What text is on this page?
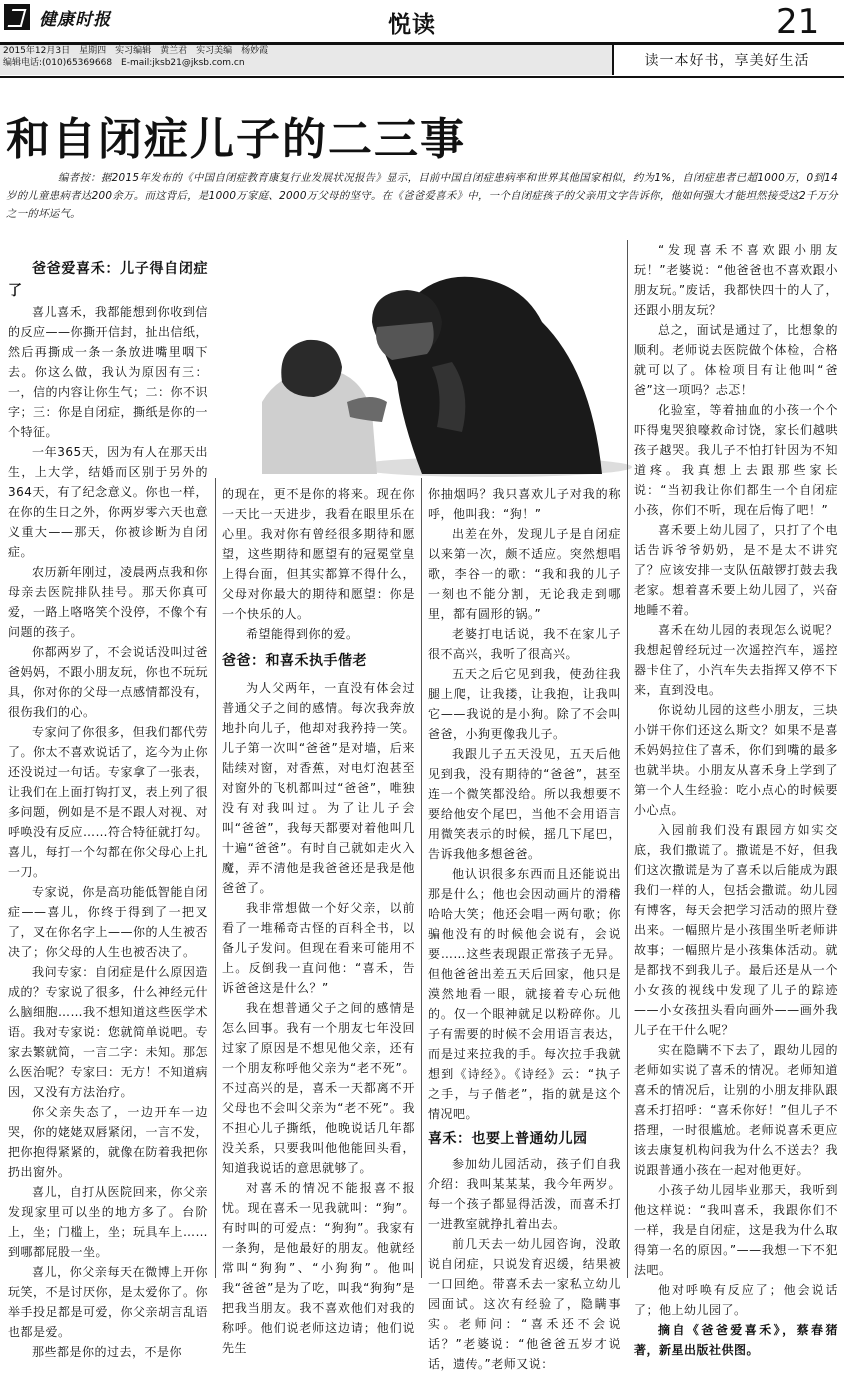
健康时报	悦读	21
2015年12月3日　星期四　实习编辑　黄兰君　实习美编　杨妙霞
编辑电话:(010)65369668　E-mail:jksb21@jksb.com.cn	读一本好书，享美好生活
和自闭症儿子的二三事
编者按：据2015年发布的《中国自闭症教育康复行业发展状况报告》显示，目前中国自闭症患病率和世界其他国家相似，约为1%，自闭症患者已超1000万，0到14岁的儿童患病者达200余万。而这背后，是1000万家庭、2000万父母的坚守。在《爸爸爱喜禾》中，一个自闭症孩子的父亲用文字告诉你，他如何强大才能坦然接受这2千万分之一的坏运气。
爸爸爱喜禾：儿子得自闭症了

喜儿喜禾，我都能想到你收到信的反应——你撕开信封，扯出信纸，然后再撕成一条一条放进嘴里咽下去。你这么做，我认为原因有三：一，信的内容让你生气；二：你不识字；三：你是自闭症，撕纸是你的一个特征。

一年365天，因为有人在那天出生，上大学，结婚而区别于另外的364天，有了纪念意义。你也一样，在你的生日之外，你两岁零六天也意义重大——那天，你被诊断为自闭症。

农历新年刚过，凌晨两点我和你母亲去医院排队挂号。那天你真可爱，一路上咯咯笑个没停，不像个有问题的孩子。

你都两岁了，不会说话没叫过爸爸妈妈，不跟小朋友玩，你也不玩玩具，你对你的父母一点感情都没有，很伤我们的心。

专家问了你很多，但我们都代劳了。你太不喜欢说话了，迄今为止你还没说过一句话。专家拿了一张表，让我们在上面打钩打叉，表上列了很多问题，例如是不是不跟人对视、对呼唤没有反应……符合特征就打勾。喜儿，每打一个勾都在你父母心上扎一刀。

专家说，你是高功能低智能自闭症——喜儿，你终于得到了一把叉了，叉在你名字上——你的人生被否决了；你父母的人生也被否决了。

我问专家：自闭症是什么原因造成的？专家说了很多，什么神经元什么脑细胞……我不想知道这些医学术语。我对专家说：您就简单说吧。专家去繁就简，一言二字：未知。那怎么医治呢？专家曰：无方！不知道病因，又没有方法治疗。

你父亲失态了，一边开车一边哭，你的姥姥双唇紧闭，一言不发，把你抱得紧紧的，就像在防着我把你扔出窗外。

喜儿，自打从医院回来，你父亲发现家里可以坐的地方多了。台阶上，坐；门槛上，坐；玩具车上……到哪都屁股一坐。

喜儿，你父亲每天在微博上开你玩笑，不是讨厌你，是太爱你了。你举手投足都是可爱，你父亲胡言乱语也都是爱。

那些都是你的过去，不是你

的现在，更不是你的将来。现在你一天比一天进步，我看在眼里乐在心里。我对你有曾经很多期待和愿望，这些期待和愿望有的冠冕堂皇上得台面，但其实都算不得什么，父母对你最大的期待和愿望：你是一个快乐的人。

希望能得到你的爱。

爸爸：和喜禾执手偕老

为人父两年，一直没有体会过普通父子之间的感情。每次我奔放地扑向儿子，他却对我矜持一笑。儿子第一次叫“爸爸”是对墙，后来陆续对窗，对香蕉，对电灯泡甚至对窗外的飞机都叫过“爸爸”，唯独没有对我叫过。为了让儿子会叫“爸爸”，我每天都要对着他叫几十遍“爸爸”。有时自己就如走火入魔，弄不清他是我爸爸还是我是他爸爸了。

我非常想做一个好父亲，以前看了一堆稀奇古怪的百科全书，以备儿子发问。但现在看来可能用不上。反倒我一直问他：“喜禾，告诉爸爸这是什么？”

我在想普通父子之间的感情是怎么回事。我有一个朋友七年没回过家了原因是不想见他父亲，还有一个朋友称呼他父亲为“老不死”。不过高兴的是，喜禾一天都离不开父母也不会叫父亲为“老不死”。我不担心儿子撕纸，他晚说话几年都没关系，只要我叫他他能回头看，知道我说话的意思就够了。

对喜禾的情况不能报喜不报忧。现在喜禾一见我就叫：“狗”。有时叫的可爱点：“狗狗”。我家有一条狗，是他最好的朋友。他就经常叫“狗狗”、“小狗狗”。他叫我“爸爸”是为了吃，叫我“狗狗”是把我当朋友。我不喜欢他们对我的称呼。他们说老师这边请；他们说先生

你抽烟吗？我只喜欢儿子对我的称呼，他叫我：“狗！”

出差在外，发现儿子是自闭症以来第一次，颇不适应。突然想唱歌，李谷一的歌：“我和我的儿子一刻也不能分割，无论我走到哪里，都有圆形的锅。”

老婆打电话说，我不在家儿子很不高兴，我听了很高兴。

五天之后它见到我，使劲往我腿上爬，让我搂，让我抱，让我叫它——我说的是小狗。除了不会叫爸爸，小狗更像我儿子。

我跟儿子五天没见，五天后他见到我，没有期待的“爸爸”，甚至连一个微笑都没给。所以我想要不要给他安个尾巴，当他不会用语言用微笑表示的时候，摇几下尾巴，告诉我他多想爸爸。

他认识很多东西而且还能说出那是什么；他也会因动画片的滑稽哈哈大笑；他还会唱一两句歌；你骗他没有的时候他会说有，会说要……这些表现跟正常孩子无异。但他爸爸出差五天后回家，他只是漠然地看一眼，就接着专心玩他的。仅一个眼神就足以粉碎你。儿子有需要的时候不会用语言表达，而是过来拉我的手。每次拉手我就想到《诗经》。《诗经》云：“执子之手，与子偕老”，指的就是这个情况吧。

喜禾：也要上普通幼儿园

参加幼儿园活动，孩子们自我介绍：我叫某某某，我今年两岁。每一个孩子都显得活泼，而喜禾打一进教室就挣扎着出去。

前几天去一幼儿园咨询，没敢说自闭症，只说发育迟缓，结果被一口回绝。带喜禾去一家私立幼儿园面试。这次有经验了，隐瞒事实。老师问：“喜禾还不会说话？”老婆说：“他爸爸五岁才说话，遗传。”老师又说：

“发现喜禾不喜欢跟小朋友玩！”老婆说：“他爸爸也不喜欢跟小朋友玩。”废话，我都快四十的人了，还跟小朋友玩？

总之，面试是通过了，比想象的顺利。老师说去医院做个体检，合格就可以了。体检项目有让他叫“爸爸”这一项吗？忐忑！

化验室，等着抽血的小孩一个个吓得鬼哭狼嚎救命讨饶，家长们越哄孩子越哭。我儿子不怕打针因为不知道疼。我真想上去跟那些家长说：“当初我让你们都生一个自闭症小孩，你们不听，现在后悔了吧！”

喜禾要上幼儿园了，只打了个电话告诉爷爷奶奶，是不是太不讲究了？应该安排一支队伍敲锣打鼓去我老家。想着喜禾要上幼儿园了，兴奋地睡不着。

喜禾在幼儿园的表现怎么说呢？我想起曾经玩过一次遥控汽车，遥控器卡住了，小汽车失去指挥又停不下来，直到没电。

你说幼儿园的这些小朋友，三块小饼干你们还这么斯文？如果不是喜禾妈妈拉住了喜禾，你们到嘴的最多也就半块。小朋友从喜禾身上学到了第一个人生经验：吃小点心的时候要小心点。

入园前我们没有跟园方如实交底，我们撒谎了。撒谎是不好，但我们这次撒谎是为了喜禾以后能成为跟我们一样的人，包括会撒谎。幼儿园有博客，每天会把学习活动的照片登出来。一幅照片是小孩围坐听老师讲故事；一幅照片是小孩集体活动。就是都找不到我儿子。最后还是从一个小女孩的视线中发现了儿子的踪迹——小女孩扭头看向画外——画外我儿子在干什么呢？

实在隐瞒不下去了，跟幼儿园的老师如实说了喜禾的情况。老师知道喜禾的情况后，让别的小朋友排队跟喜禾打招呼：“喜禾你好！”但儿子不搭理，一时很尴尬。老师说喜禾更应该去康复机构问我为什么不送去？我说跟普通小孩在一起对他更好。

小孩子幼儿园毕业那天，我听到他这样说：“我叫喜禾，我跟你们不一样，我是自闭症，这是我为什么取得第一名的原因。”——我想一下不犯法吧。

他对呼唤有反应了；他会说话了；他上幼儿园了。

摘自《爸爸爱喜禾》，蔡春猪著，新星出版社供图。
